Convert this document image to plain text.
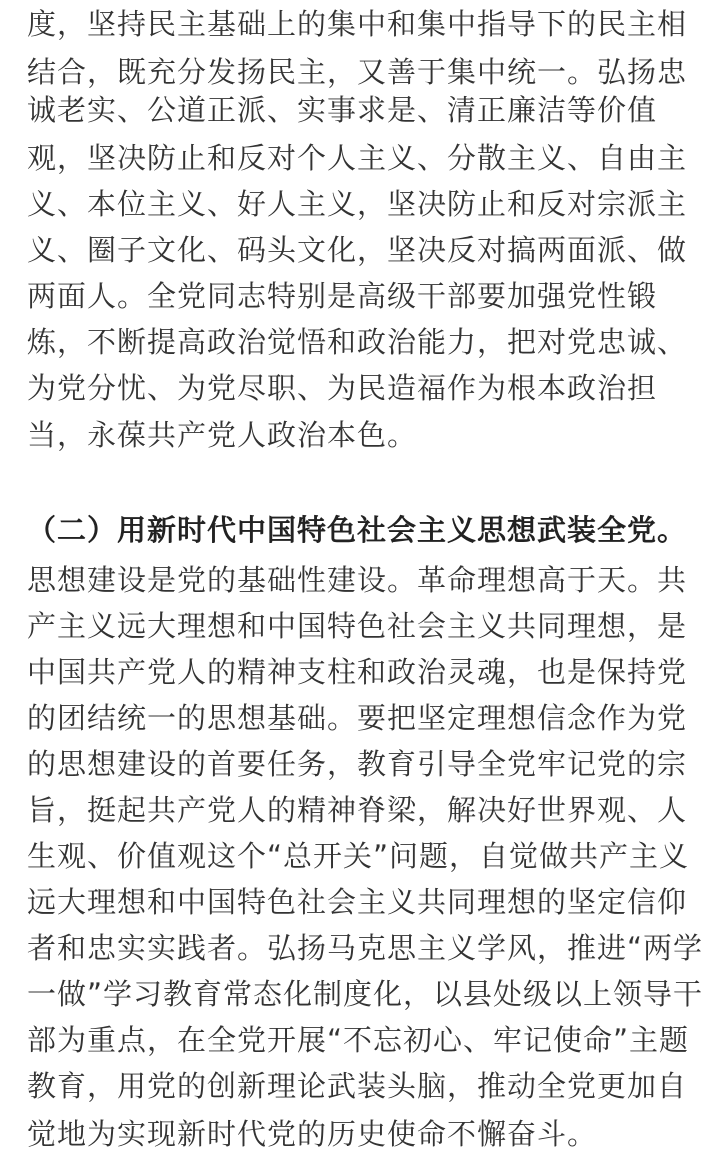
度，坚持民主基础上的集中和集中指导下的民主相

结合，既充分发扬民主，又善于集中统一。弘扬忠

诚老实、公道正派、实事求是、清正廉洁等价值

观，坚决防止和反对个人主义、分散主义、自由主

义、本位主义、好人主义，坚决防止和反对宗派主

义、圈子文化、码头文化，坚决反对搞两面派、做

两面人。全党同志特别是高级干部要加强党性锻

炼，不断提高政治觉悟和政治能力，把对党忠诚、

为党分忧、为党尽职、为民造福作为根本政治担

当，永葆共产党人政治本色。

（二）用新时代中国特色社会主义思想武装全党。

思想建设是党的基础性建设。革命理想高于天。共

产主义远大理想和中国特色社会主义共同理想，是

中国共产党人的精神支柱和政治灵魂，也是保持党

的团结统一的思想基础。要把坚定理想信念作为党

的思想建设的首要任务，教育引导全党牢记党的宗

旨，挺起共产党人的精神脊梁，解决好世界观、人

生观、价值观这个“总开关”问题，自觉做共产主义

远大理想和中国特色社会主义共同理想的坚定信仰

者和忠实实践者。弘扬马克思主义学风，推进“两学

一做”学习教育常态化制度化，以县处级以上领导干

部为重点，在全党开展“不忘初心、牢记使命”主题

教育，用党的创新理论武装头脑，推动全党更加自

觉地为实现新时代党的历史使命不懈奋斗。
